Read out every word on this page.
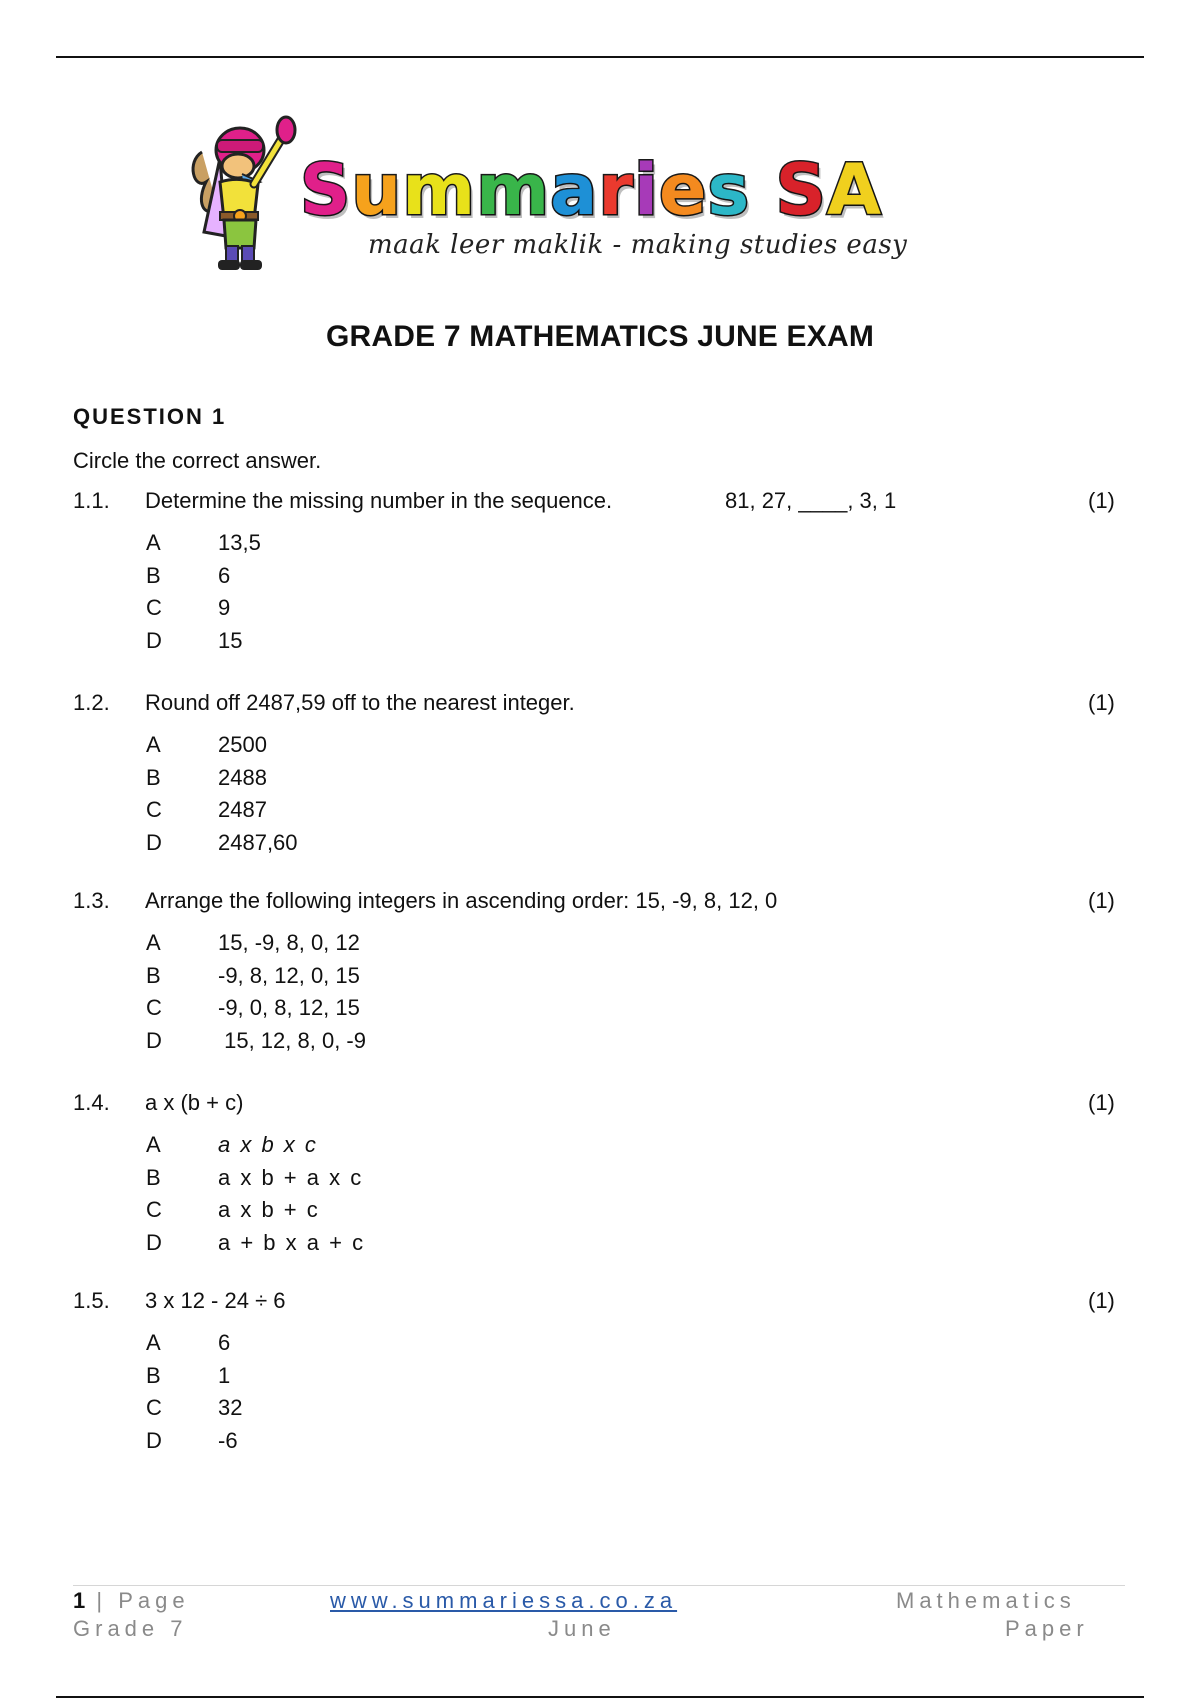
S u m m a r i e s
S A
maak leer maklik - making studies easy
GRADE 7 MATHEMATICS JUNE EXAM
QUESTION 1
Circle the correct answer.
1.1. Determine the missing number in the sequence.	81, 27, ____, 3, 1	(1)
A	13,5
B	6
C	9
D	15
1.2. Round off 2487,59 off to the nearest integer.	(1)
A	2500
B	2488
C	2487
D	2487,60
1.3. Arrange the following integers in ascending order: 15, -9, 8, 12, 0	(1)
A	15, -9, 8, 0, 12
B	-9, 8, 12, 0, 15
C	-9, 0, 8, 12, 15
D	15, 12, 8, 0, -9
1.4. a x (b + c)	(1)
A	a x b x c
B	a x b + a x c
C	a x b + c
D	a + b x a + c
1.5. 3 x 12 - 24 ÷ 6	(1)
A	6
B	1
C	32
D	-6
1 | Page
Grade 7
www.summariessa.co.za
June
Mathematics
Paper
